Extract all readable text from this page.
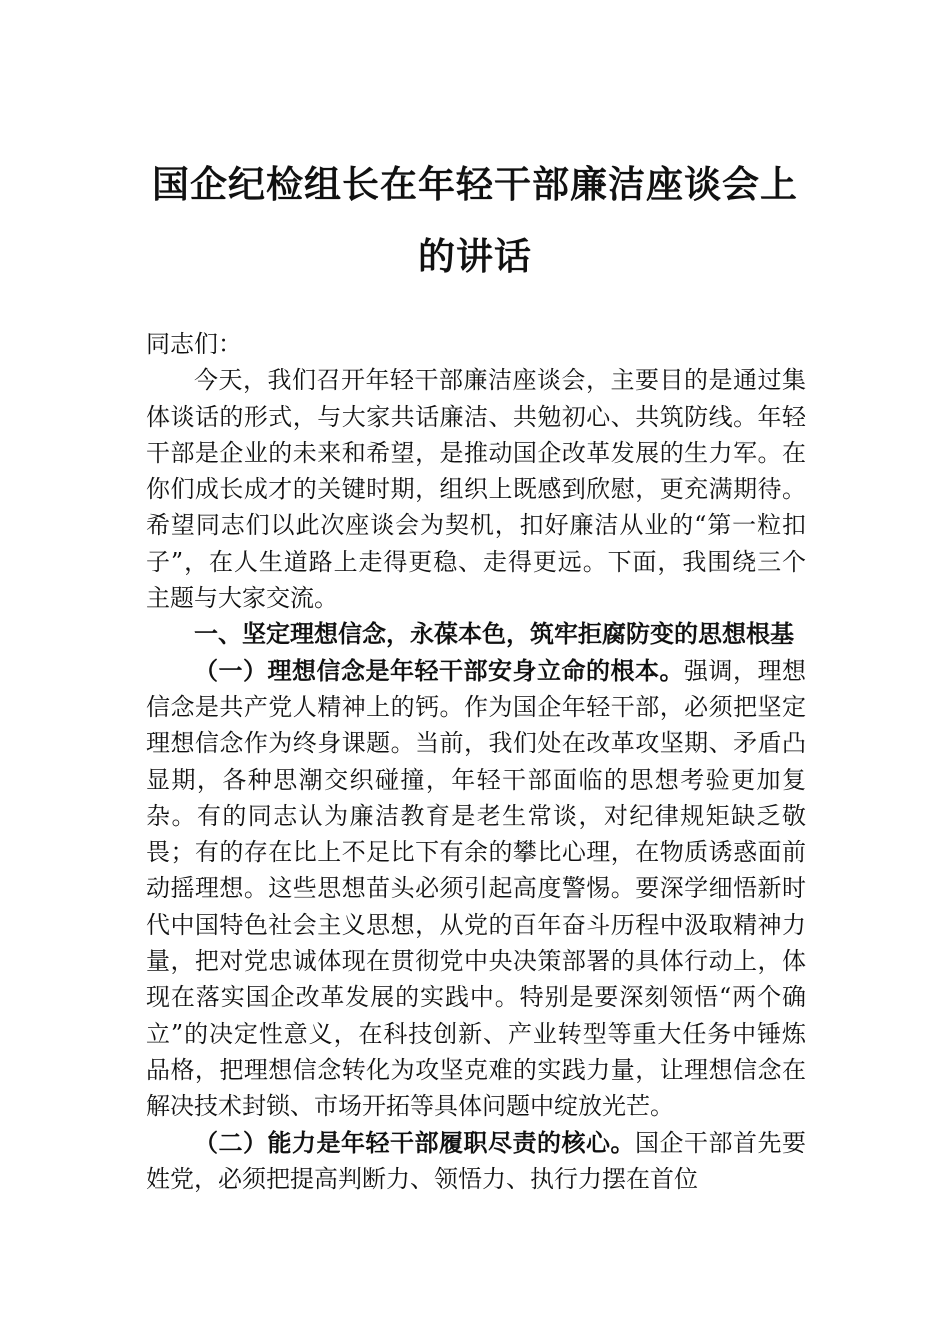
国企纪检组长在年轻干部廉洁座谈会上的讲话

同志们：

今天，我们召开年轻干部廉洁座谈会，主要目的是通过集体谈话的形式，与大家共话廉洁、共勉初心、共筑防线。年轻干部是企业的未来和希望，是推动国企改革发展的生力军。在你们成长成才的关键时期，组织上既感到欣慰，更充满期待。希望同志们以此次座谈会为契机，扣好廉洁从业的“第一粒扣子”，在人生道路上走得更稳、走得更远。下面，我围绕三个主题与大家交流。

一、坚定理想信念，永葆本色，筑牢拒腐防变的思想根基

（一）理想信念是年轻干部安身立命的根本。强调，理想信念是共产党人精神上的钙。作为国企年轻干部，必须把坚定理想信念作为终身课题。当前，我们处在改革攻坚期、矛盾凸显期，各种思潮交织碰撞，年轻干部面临的思想考验更加复杂。有的同志认为廉洁教育是老生常谈，对纪律规矩缺乏敬畏；有的存在比上不足比下有余的攀比心理，在物质诱惑面前动摇理想。这些思想苗头必须引起高度警惕。要深学细悟新时代中国特色社会主义思想，从党的百年奋斗历程中汲取精神力量，把对党忠诚体现在贯彻党中央决策部署的具体行动上，体现在落实国企改革发展的实践中。特别是要深刻领悟“两个确立”的决定性意义，在科技创新、产业转型等重大任务中锤炼品格，把理想信念转化为攻坚克难的实践力量，让理想信念在解决技术封锁、市场开拓等具体问题中绽放光芒。

（二）能力是年轻干部履职尽责的核心。国企干部首先要姓党，必须把提高判断力、领悟力、执行力摆在首位
